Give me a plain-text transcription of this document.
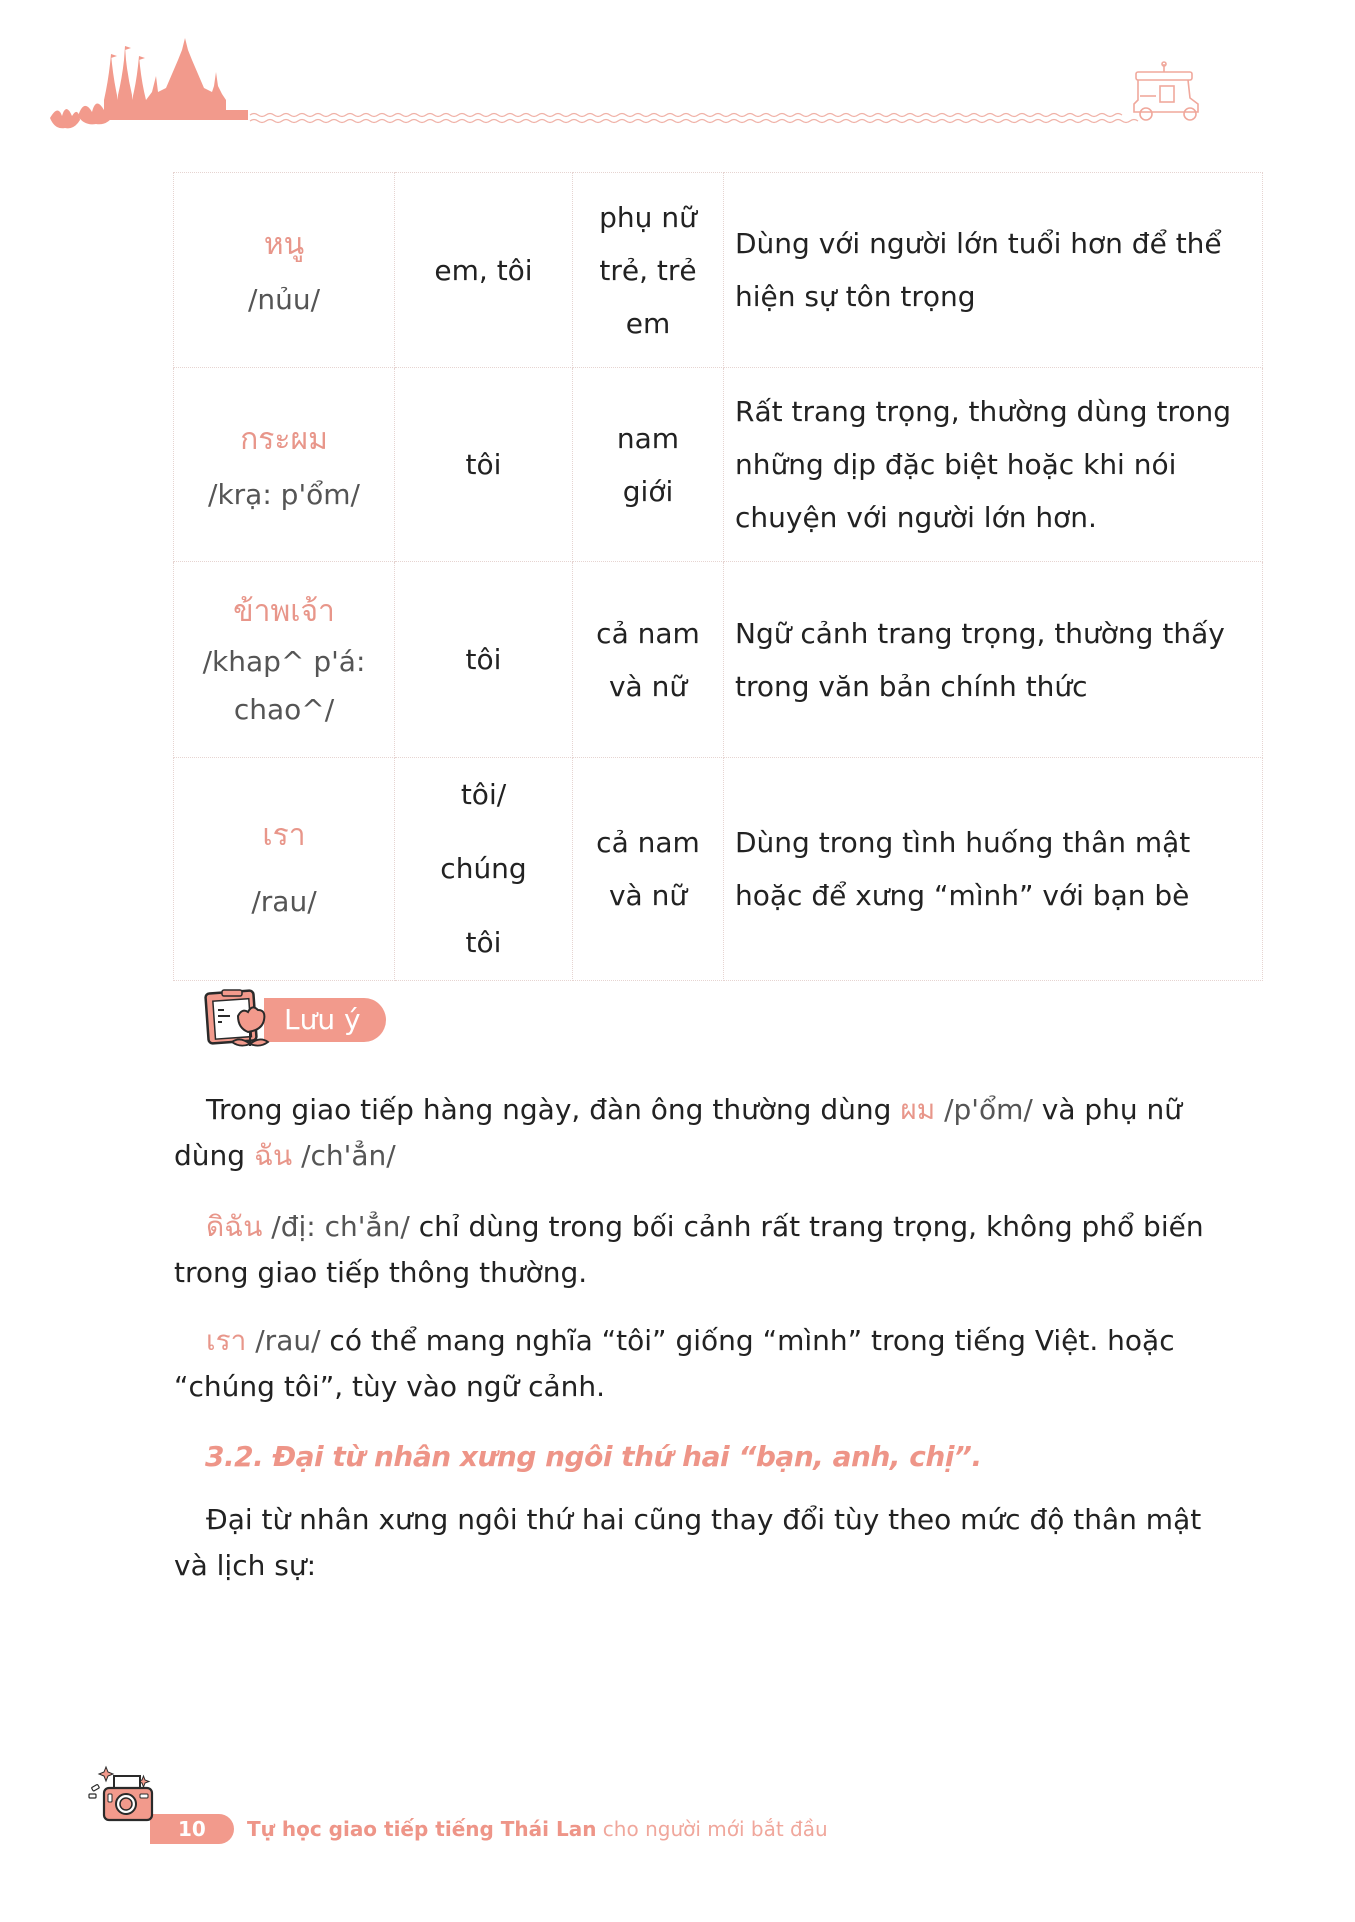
หนู
/nủu/	em, tôi	phụ nữ trẻ, trẻ em	Dùng với người lớn tuổi hơn để thể hiện sự tôn trọng

กระผม
/krạ: p'ổm/	tôi	nam giới	Rất trang trọng, thường dùng trong những dịp đặc biệt hoặc khi nói chuyện với người lớn hơn.

ข้าพเจ้า
/khap^ p'á: chao^/	tôi	cả nam và nữ	Ngữ cảnh trang trọng, thường thấy trong văn bản chính thức

เรา
/rau/	tôi/ chúng tôi	cả nam và nữ	Dùng trong tình huống thân mật hoặc để xưng “mình” với bạn bè
Lưu ý

Trong giao tiếp hàng ngày, đàn ông thường dùng ผม /p'ổm/ và phụ nữ dùng ฉัน /ch'ẳn/

ดิฉัน /đị: ch'ẳn/ chỉ dùng trong bối cảnh rất trang trọng, không phổ biến trong giao tiếp thông thường.

เรา /rau/ có thể mang nghĩa “tôi” giống “mình” trong tiếng Việt. hoặc “chúng tôi”, tùy vào ngữ cảnh.

3.2. Đại từ nhân xưng ngôi thứ hai “bạn, anh, chị”.

Đại từ nhân xưng ngôi thứ hai cũng thay đổi tùy theo mức độ thân mật và lịch sự:

10 Tự học giao tiếp tiếng Thái Lan cho người mới bắt đầu
